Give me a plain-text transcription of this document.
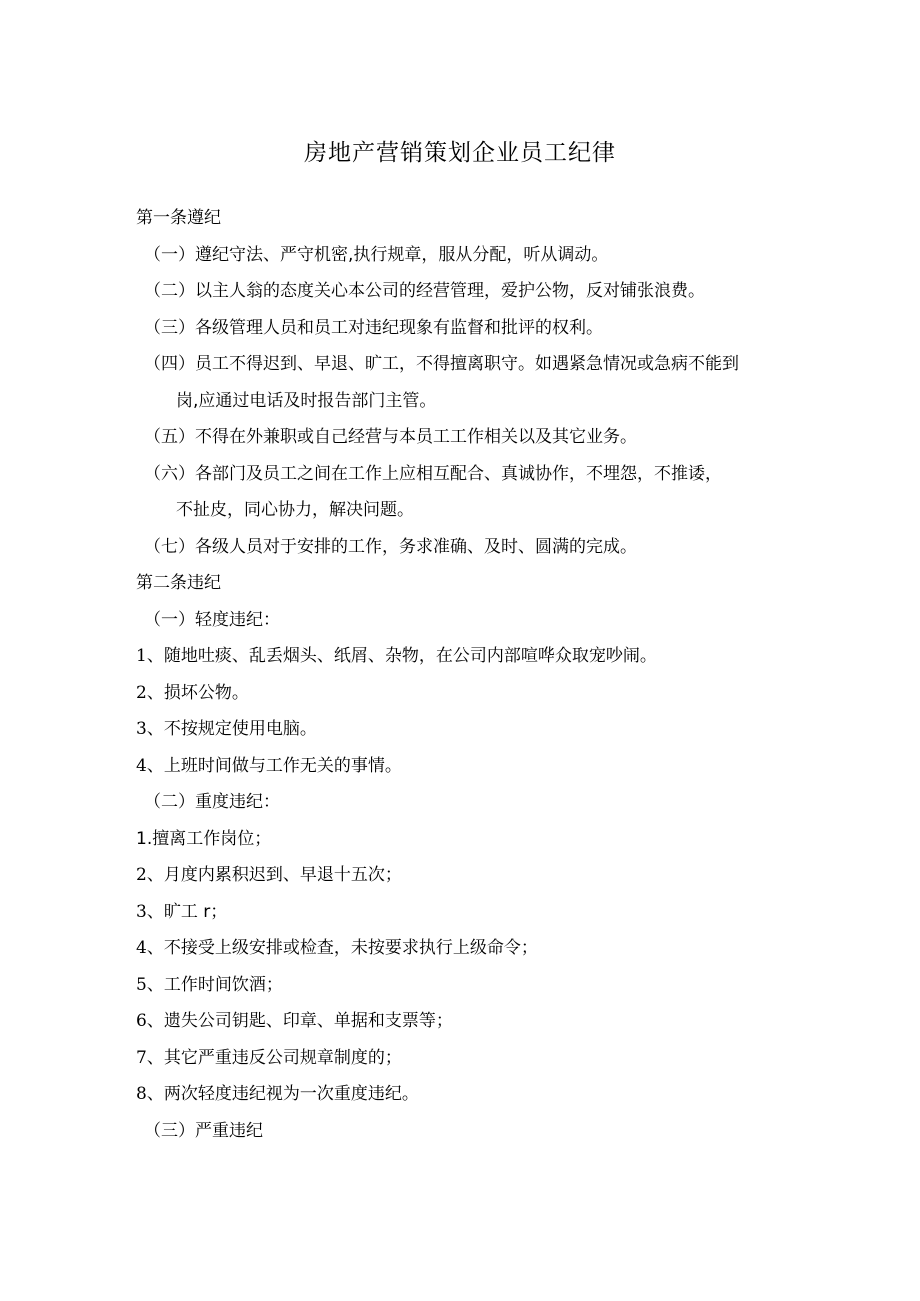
房地产营销策划企业员工纪律
第一条遵纪
（一）遵纪守法、严守机密,执行规章，服从分配，听从调动。
（二）以主人翁的态度关心本公司的经营管理，爱护公物，反对铺张浪费。
（三）各级管理人员和员工对违纪现象有监督和批评的权利。
（四）员工不得迟到、早退、旷工，不得擅离职守。如遇紧急情况或急病不能到
岗,应通过电话及时报告部门主管。
（五）不得在外兼职或自己经营与本员工工作相关以及其它业务。
（六）各部门及员工之间在工作上应相互配合、真诚协作，不埋怨，不推诿，
不扯皮，同心协力，解决问题。
（七）各级人员对于安排的工作，务求准确、及时、圆满的完成。
第二条违纪
（一）轻度违纪：
1、随地吐痰、乱丢烟头、纸屑、杂物，在公司内部喧哗众取宠吵闹。
2、损坏公物。
3、不按规定使用电脑。
4、上班时间做与工作无关的事情。
（二）重度违纪：
1.擅离工作岗位；
2、月度内累积迟到、早退十五次；
3、旷工 r；
4、不接受上级安排或检查，未按要求执行上级命令；
5、工作时间饮酒；
6、遗失公司钥匙、印章、单据和支票等；
7、其它严重违反公司规章制度的；
8、两次轻度违纪视为一次重度违纪。
（三）严重违纪
